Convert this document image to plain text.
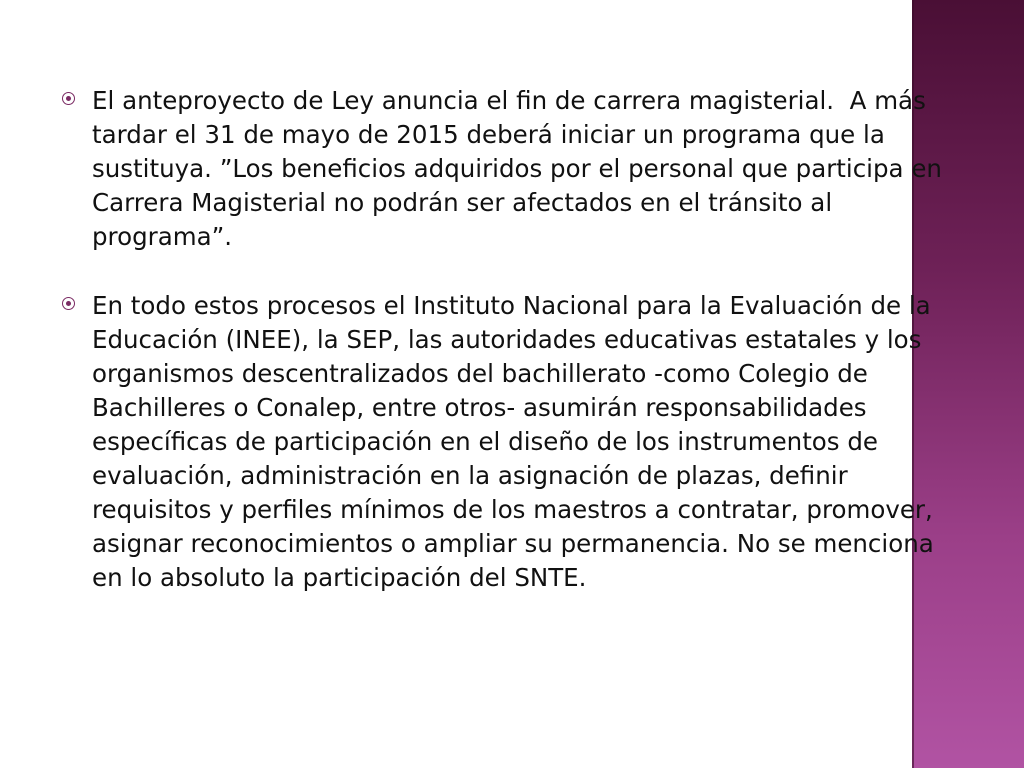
El anteproyecto de Ley anuncia el fin de carrera magisterial.  A más tardar el 31 de mayo de 2015 deberá iniciar un programa que la sustituya. ”Los beneficios adquiridos por el personal que participa en Carrera Magisterial no podrán ser afectados en el tránsito al programa”.
En todo estos procesos el Instituto Nacional para la Evaluación de la Educación (INEE), la SEP, las autoridades educativas estatales y los organismos descentralizados del bachillerato -como Colegio de Bachilleres o Conalep, entre otros- asumirán responsabilidades específicas de participación en el diseño de los instrumentos de evaluación, administración en la asignación de plazas, definir requisitos y perfiles mínimos de los maestros a contratar, promover, asignar reconocimientos o ampliar su permanencia. No se menciona en lo absoluto la participación del SNTE.
